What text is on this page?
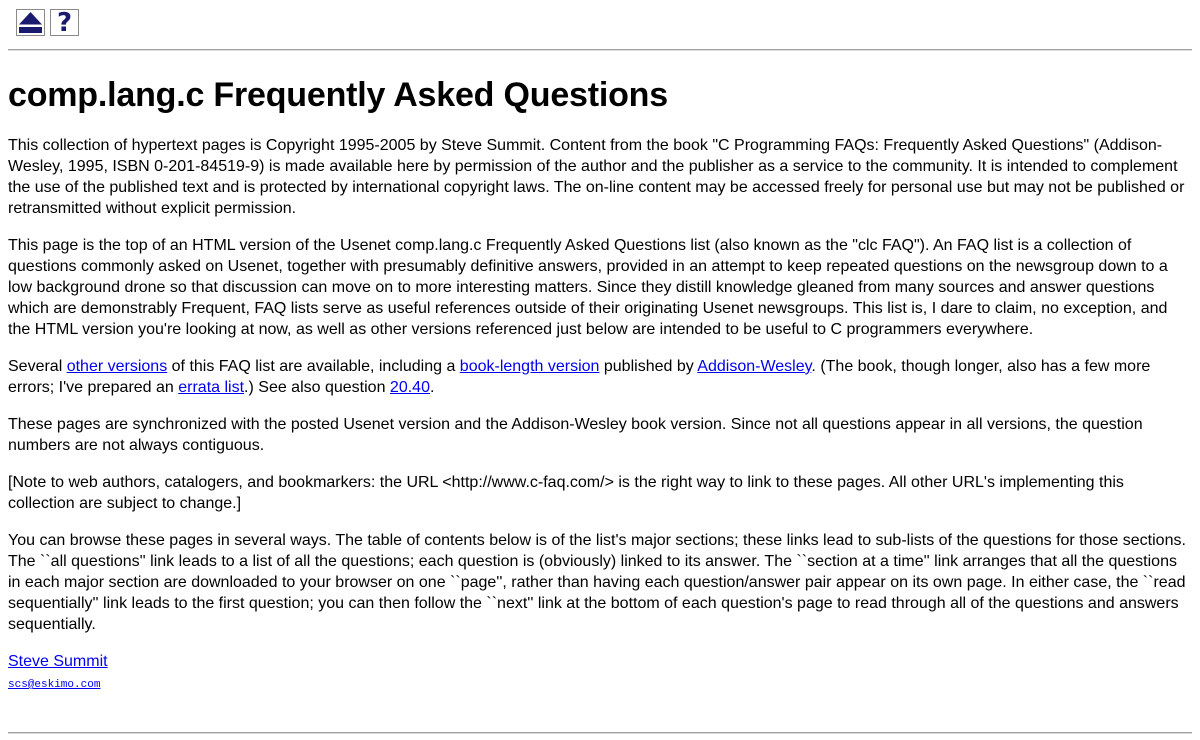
?
comp.lang.c Frequently Asked Questions

This collection of hypertext pages is Copyright 1995-2005 by Steve Summit. Content from the book "C Programming FAQs: Frequently Asked Questions" (Addison-Wesley, 1995, ISBN 0-201-84519-9) is made available here by permission of the author and the publisher as a service to the community. It is intended to complement the use of the published text and is protected by international copyright laws. The on-line content may be accessed freely for personal use but may not be published or retransmitted without explicit permission.

This page is the top of an HTML version of the Usenet comp.lang.c Frequently Asked Questions list (also known as the "clc FAQ"). An FAQ list is a collection of questions commonly asked on Usenet, together with presumably definitive answers, provided in an attempt to keep repeated questions on the newsgroup down to a low background drone so that discussion can move on to more interesting matters. Since they distill knowledge gleaned from many sources and answer questions which are demonstrably Frequent, FAQ lists serve as useful references outside of their originating Usenet newsgroups. This list is, I dare to claim, no exception, and the HTML version you're looking at now, as well as other versions referenced just below are intended to be useful to C programmers everywhere.

Several other versions of this FAQ list are available, including a book-length version published by Addison-Wesley. (The book, though longer, also has a few more errors; I've prepared an errata list.) See also question 20.40.

These pages are synchronized with the posted Usenet version and the Addison-Wesley book version. Since not all questions appear in all versions, the question numbers are not always contiguous.

[Note to web authors, catalogers, and bookmarkers: the URL <http://www.c-faq.com/> is the right way to link to these pages. All other URL's implementing this collection are subject to change.]

You can browse these pages in several ways. The table of contents below is of the list's major sections; these links lead to sub-lists of the questions for those sections. The ``all questions'' link leads to a list of all the questions; each question is (obviously) linked to its answer. The ``section at a time'' link arranges that all the questions in each major section are downloaded to your browser on one ``page'', rather than having each question/answer pair appear on its own page. In either case, the ``read sequentially'' link leads to the first question; you can then follow the ``next'' link at the bottom of each question's page to read through all of the questions and answers sequentially.

Steve Summit
scs@eskimo.com
